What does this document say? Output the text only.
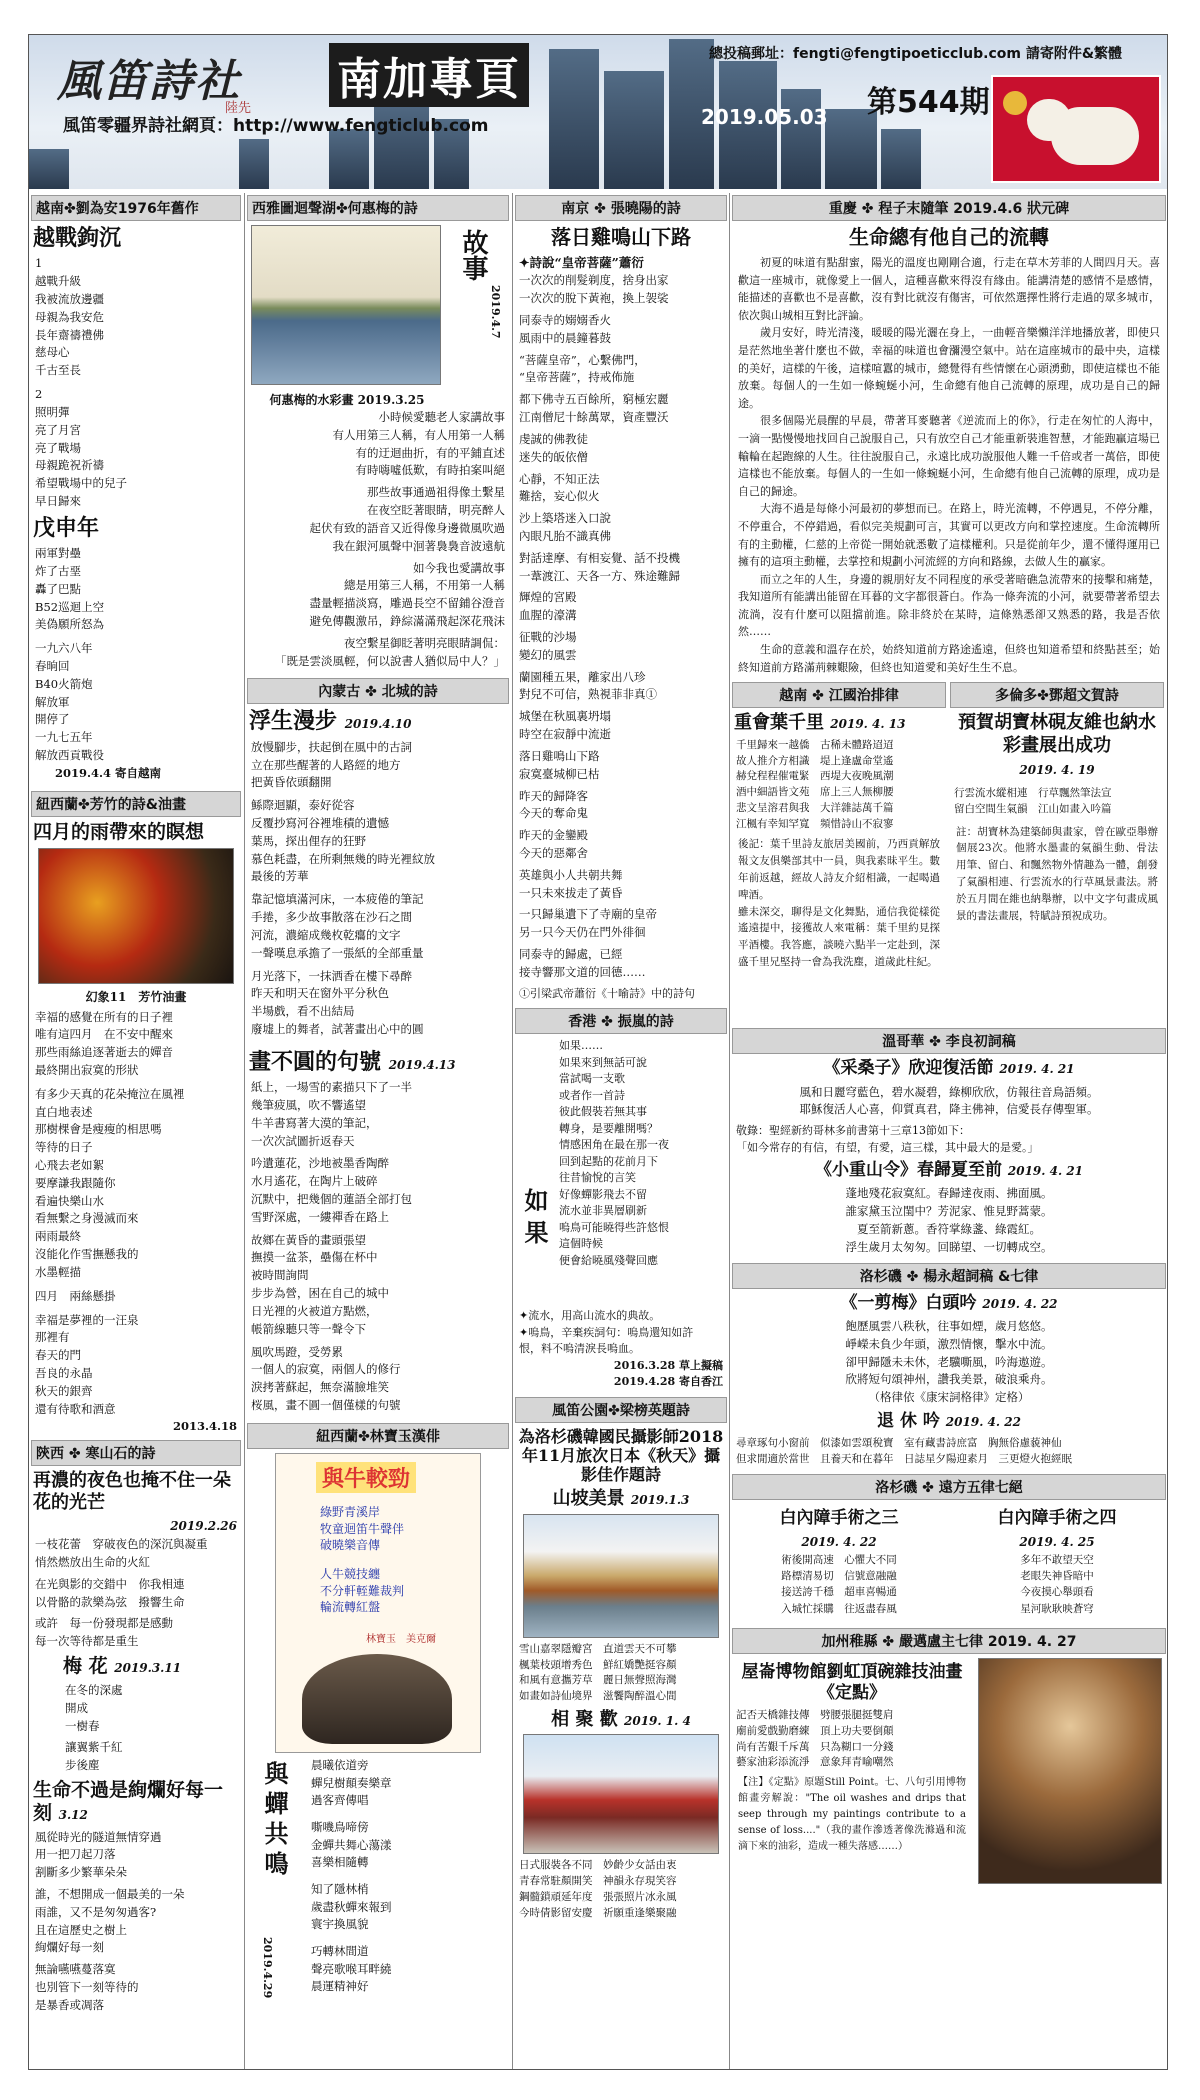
風笛詩社 南加專頁
陸先
風笛零疆界詩社網頁：http://www.fengticlub.com
總投稿郵址：fengti@fengtipoeticclub.com 請寄附件&繁體
2019.05.03 第544期
越南✤劉為安1976年舊作
越戰鉤沉
1
越戰升級
我被流放邊疆
母親為我安危
長年齋禱禮佛
慈母心
千古至長
2
照明彈
亮了月宮
亮了戰場
母親跪祝祈禱
希望戰場中的兒子
早日歸來
戊申年
兩軍對壘
炸了古堊
轟了巴點
B52巡迴上空
美偽願所怒為
一九六八年
春晌回
B40火箭炮
解放軍
開停了
一九七五年
解放西貢戰役
2019.4.4 寄自越南
紐西蘭✤芳竹的詩&油畫
四月的雨帶來的瞑想
幻象11　芳竹油畫
幸福的感覺在所有的日子裡
唯有這四月　在不安中醒來
那些雨絲追逐著逝去的嬋音
最終開出寂寞的形狀
有多少天真的花朵掩泣在風裡
直白地表述
那樹棵會是瘦瘦的相思嗎
等待的日子
心飛去老如絮
要摩謙我跟隨你
看遍快樂山水
看無繫之身漫滅而來
兩雨最終
沒能化作雪撫懸我的
水墨輕描
四月　兩絲懸掛
幸福是夢裡的一汪泉
那裡有
春天的門
吾良的永晶
秋天的銀齊
還有待歌和酒意
2013.4.18
陝西 ✤ 寒山石的詩
再濃的夜色也掩不住一朵花的光芒
2019.2.26
一枝花蕾　穿破夜色的深沉與凝重
悄然燃放出生命的火紅
在光與影的交錯中　你我相連
以骨骼的款樂為弦　撥響生命
或許　每一份發現都是感動
每一次等待都是重生
梅 花 2019.3.11
在冬的深處
開成
一樹春
讓翼紫千紅
步後塵
生命不過是絢爛好每一刻 3.12
風從時光的隧道無情穿過
用一把刀起刀落
割斷多少繁華朵朵
誰，不想開成一個最美的一朵
雨誰，又不是匆匆過客?
且在這歷史之樹上
絢爛好每一刻
無論嚥嚥蔓落寞
也別管下一刻等待的
是暴香或凋落
西雅圖迴聲湖✤何惠梅的詩
故事
2019.4.7
何惠梅的水彩畫 2019.3.25
小時候愛聽老人家講故事
有人用第三人稱，有人用第一人稱
有的迂迴曲折，有的平鋪直述
有時嗨噓低歎，有時拍案叫絕
那些故事通過祖得像土繫星
在夜空眨著眼睛，明亮醉人
起伏有致的語音又近得像身邊微風吹過
我在銀河風聲中洄著裊裊音波遠航
如今我也愛講故事
總是用第三人稱，不用第一人稱
盡量輕描淡寫，雕過長空不留鋪谷澄音
避免傳觀激吊，錚綜滿滿飛起深花飛沫
夜空繫星御眨著明亮眼睛調侃：
「既是雲淡風輕，何以說書人猶似局中人？」
內蒙古 ✤ 北城的詩
浮生漫步 2019.4.10
放慢腳步，扶起倒在風中的古詞
立在那些醒著的人路經的地方
把黃昏依頭翻開
鯀際迴顯，泰好從容
反覆抄寫河谷裡堆積的遺憾
葉馬，探出俚存的狂野
慕色耗盡，在所剩無幾的時光裡紋放
最後的芳華
靠記憶填滿河床，一本疲倦的筆記
手捲，多少故事散落在沙石之間
河流，濃縮成幾枚乾癟的文字
一聲嘆息承擔了一張紙的全部重量
月光落下，一抹洒香在樓下尋醉
昨天和明天在窗外平分秋色
半場戲，看不出結局
廢墟上的舞者，試著畫出心中的圓
畫不圓的句號 2019.4.13
紙上，一場雪的素描只下了一半
幾筆疲風，吹不響遙望
牛羊書寫著大漠的筆記，
一次次試圖折返春天
吟遺蓮花，沙地被墨香陶醉
水月遙花，在陶片上破碎
沉默中，把幾個的蓮語全部打包
雪野深處，一縷禪香在路上
故鄉在黃昏的畫頭張望
撫摸一盆茶，壘傷在杯中
被時間詢問
步步為營，困在自己的城中
日光裡的火被道方點燃，
帳箭線聽只等一聲令下
風吹馬蹬，受勞累
一個人的寂寞，兩個人的修行
淚拷著蘇起，無奈滿臉堆笑
桜風，畫不圓一個僅樣的句號
紐西蘭✤林寶玉漢俳
與牛較勁
綠野青溪岸
牧童迴笛牛聲伴
破曉樂音傳
人牛競技纏
不分軒輊難裁判
輪流轉紅盤
林寶玉　美克爾
與蟬共鳴 晨曦依道旁
蟬兒樹顛奏樂章
過客齊傳唱
嘶嘰鳥啼傍
金蟬共舞心蕩漾
喜樂相隨轉
知了隱林梢
歲盡秋蟬來報到
寰宇換風貌
巧轉林間道
聲亮歌喉耳畔繞
晨運精神好
2019.4.29
南京 ✤ 張曉陽的詩
落日雞鳴山下路
✦詩說“皇帝菩薩”蕭衍
一次次的削髮剃度，捨身出家
一次次的脫下黃袍，換上袈裟
同泰寺的嫋嫋香火
風雨中的晨鐘暮鼓
“菩薩皇帝”，心繫佛門，
“皇帝菩薩”，持戒佈施
都下佛寺五百餘所，窮極宏麗
江南僧尼十餘萬眾，資產豐沃
虔誠的佛教徒
迷失的皈依僧
心靜，不知正法
難捨，妄心似火
沙上築塔迷入口說
內眼凡胎不識真佛
對話達摩、有相妄覺、話不投機
一葦渡江、天各一方、殊途難歸
輝煌的宮殿
血腥的濠溝
征戰的沙場
變幻的風雲
蘭園種五果，離家出八珍
對兒不可信，熟視菲非真①
城堡在秋風裏坍塌
時空在寂靜中流逝
落日雞鳴山下路
寂寞臺城柳已枯
昨天的歸降客
今天的奪命鬼
昨天的金鑾殿
今天的惡鄰舍
英雄與小人共朝共舞
一只未來拔走了黃昏
一只歸巢遺下了寺廟的皇帝
另一只今天仍在門外徘徊
同泰寺的歸處，已經
接寺響那文道的回德……
①引梁武帝蕭衍《十喻詩》中的詩句
香港 ✤ 振嵐的詩
如果
如果……
如果來到無話可說
當試喝一支歌
或者作一首詩
彼此假裝若無其事
轉身，是要離開嗎？
情感困角在最在那一夜
回到起點的花前月下
往昔愉悅的言笑
好像蟬影飛去不留
流水並非異層刷新
嗚鳥可能曉得些許悠恨
這個時候
便會給曉風殘聲回應
✦流水，用高山流水的典故。
✦嗚鳥，辛棄疾詞句：嗚鳥還知如許
恨，料不嗚清淚長嗚血。
2016.3.28 草上擬稿
2019.4.28 寄自香江
風笛公園✤梁榜英題詩
為洛杉磯韓國民攝影師2018年11月旅次日本《秋天》攝影佳作題詩
山坡美景 2019.1.3
雪山嘉翠隱瓣宮　直道雲天不可攀
楓葉枝頭增秀色　鮮紅嬌艷挺容顏
和風有意攜芳草　麗日無聲照海灣
如畫如詩仙境界　滋饗陶醉溫心間
相 聚 歡 2019. 1. 4
日式服裝各不同　妙齡少女話由衷
青春常駐顏開笑　神韻永存現笑容
鋼髓鎖頑延年度　張張照片冰永風
今時倩影留安慶　祈願重逢樂聚融
重慶 ✤ 程子末隨筆 2019.4.6 狀元碑
生命總有他自己的流轉
初夏的味道有點甜蜜，陽光的溫度也剛剛合適，行走在草木芳菲的人間四月天。喜歡這一座城市，就像愛上一個人，這種喜歡來得沒有緣由。能講清楚的感情不是感情，能描述的喜歡也不是喜歡，沒有對比就沒有傷害，可依然選擇性將行走過的眾多城市，依次與山城相互對比評論。
歲月安好，時光清淺，暖暖的陽光灑在身上，一曲輕音樂懶洋洋地播放著，即使只是茫然地坐著什麼也不做，幸福的味道也會瀰漫空氣中。站在這座城市的最中央，這樣的美好，這樣的午後，這樣喧囂的城市，總覺得有些情懷在心頭湧動，即使這樣也不能放棄。每個人的一生如一條蜿蜒小河，生命總有他自己流轉的原理，成功是自己的歸途。
很多個陽光晨醒的早晨，帶著耳麥聽著《逆流而上的你》，行走在匆忙的人海中，一滴一點慢慢地找回自己說服自己，只有放空自己才能重新裝進智慧，才能跑贏這場已輸輪在起跑線的人生。往往說服自己，永遠比成功說服他人難一千倍或者一萬倍，即使這樣也不能放棄。每個人的一生如一條蜿蜒小河，生命總有他自己流轉的原理，成功是自己的歸途。
大海不過是每條小河最初的夢想而已。在路上，時光流轉，不停遇見，不停分離，不停重合，不停錯過，看似完美規劃可言，其實可以更改方向和掌控速度。生命流轉所有的主動權，仁慈的上帝從一開始就悉數了這樣權利。只是從前年少，還不懂得運用已擁有的這項主動權，去掌控和規劃小河流經的方向和路線，去做人生的贏家。
而立之年的人生，身邊的親朋好友不同程度的承受著暗礁急流帶來的接擊和痛楚，我知道所有能講出能留在耳暮的文字都很蒼白。作為一條奔流的小河，就要帶著希望去流淌，沒有什麼可以阻擋前進。除非終於在某時，這條熟悉卻又熟悉的路，我是否依然……
生命的意義和溫存在於，始終知道前方路途遙遠，但終也知道希望和終點甚至；始終知道前方路滿荊棘艱險，但終也知道愛和美好生生不息。
越南 ✤ 江國治排律
重會葉千里 2019. 4. 13
千里歸來一越僑　古稀未體路迢迢
故人推介方相識　堤上逢盧命堂遙
赫兌程程催電緊　西堤大夜晚風潮
酒中細語皆文苑　席上三人無柳腰
悲文呈溶君與我　大洋雜誌萬千篇
江楓有幸知罕寬　頻惜詩山不寂寥
後記：葉千里詩友旅居美國前，乃西貢解放報文友俱樂部其中一員，與我素昧平生。數年前返越，經故人詩友介紹相識，一起喝過啤酒。
雖未深交，聊得是文化舞點，通信我從樣從遙遠提中，接獲故人來電稱：葉千里約見探平酒樓。我答應，談曉六點半一定赴到，深盛千里兄堅持一會為我洗塵，道歲此柱紀。
多倫多✤鄧超文賀詩
預賀胡寶林硯友維也納水彩畫展出成功
2019. 4. 19
行雲流水縱相連　行草飄然筆法宣
留白空間生氣韻　江山如畫入吟篇
註：胡寶林為建築師與畫家，曾在歐亞舉辦個展23次。他將水墨畫的氣韻生動、骨法用筆、留白、和飄然物外情趣為一體，創發了氣韻相連、行雲流水的行草風景畫法。將於五月間在維也納舉辦，以中文字句畫成風景的書法畫展，特賦詩預祝成功。
溫哥華 ✤ 李良初詞稿
《采桑子》欣迎復活節 2019. 4. 21
風和日麗穹藍色，碧水凝碧，綠柳欣欣，仿報往音鳥語頻。
耶穌復活人心喜，仰質真君，降主佛神，信愛長存傳聖軍。
敬錄：聖經新約哥林多前書第十三章13節如下：
「如今常存的有信，有望，有愛，這三樣，其中最大的是愛。」
《小重山令》春歸夏至前 2019. 4. 21
蓬地殘花寂寞紅。春歸達夜雨、拂面風。
誰家黛玉泣閨中？芳泥家、惟見野蒿蒙。
夏至箭新蔥。香符掌綠盞、綠霞紅。
浮生歲月太匆匆。回睇望、一切轉成空。
洛杉磯 ✤ 楊永超詞稿 &七律
《一剪梅》白頭吟 2019. 4. 22
飽歷風雲八秩秋，往事如煙，歲月悠悠。
崢嶸未負少年頭，激烈情懷，擊水中流。
卻甲歸隱未未休，老驥嘶風，吟海遨遊。
欣將短句頌神州，讚我美景，破浪乘舟。
（格律依《康宋詞格律》定格）
退 休 吟 2019. 4. 22
尋章琢句小窗前　似漆如雲頌稅寶　室有藏書詩庶富　胸無俗慮藐神仙
但求閒適於當世　且養天和在暮年　日誌星夕陽迎素月　三更燈火抱經眠
洛杉磯 ✤ 遠方五律七絕
白內障手術之三
2019. 4. 22
術後開高速　心懼大不同
路標清易切　信號意融融
接送誇千穩　超車喜暢通
入城忙採購　往返盡春風
白內障手術之四
2019. 4. 25
多年不敢望天空
老眼失神昏暗中
今夜摸心舉頭看
星河耿耿映蒼穹
加州稚縣 ✤ 嚴邁盧主七律 2019. 4. 27
屋崙博物館劉虹頂碗雜技油畫《定點》
記否天橋雜技傳　劈腰張腿挺雙肩
廟前愛戲勤磨練　頂上功夫要倒顛
尚有苦艱千斥萬　只為糊口一分錢
藝家油彩添流淨　意象拜青喻嘲然
【注】《定點》原題Still Point。七、八句引用博物館畫旁解說："The oil washes and drips that seep through my paintings contribute to a sense of loss...."（我的畫作滲透著像洗滌過和流滴下來的油彩，造成一種失落感……）
